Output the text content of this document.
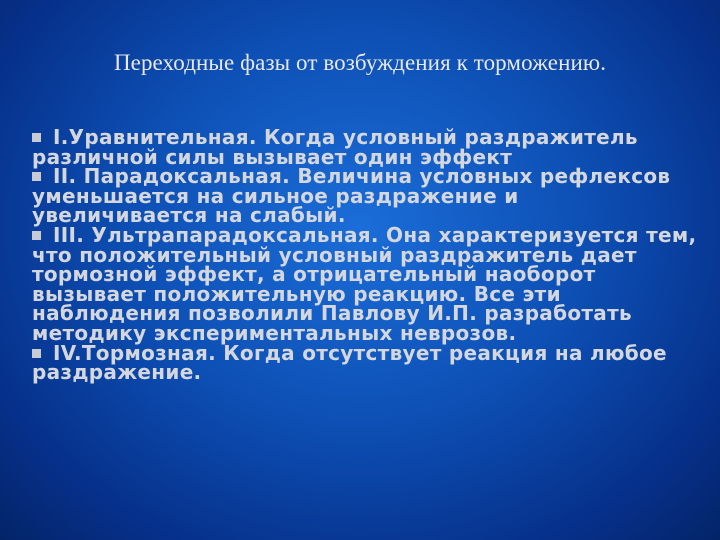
Переходные фазы от возбуждения к торможению.

I.Уравнительная. Когда условный раздражитель различной силы вызывает один эффект

II. Парадоксальная. Величина условных рефлексов уменьшается на сильное раздражение и увеличивается на слабый.

III. Ультрапарадоксальная. Она характеризуется тем, что положительный условный раздражитель дает тормозной эффект, а отрицательный наоборот вызывает положительную реакцию. Все эти наблюдения позволили Павлову И.П. разработать методику экспериментальных неврозов.

IV.Тормозная. Когда отсутствует реакция на любое раздражение.
